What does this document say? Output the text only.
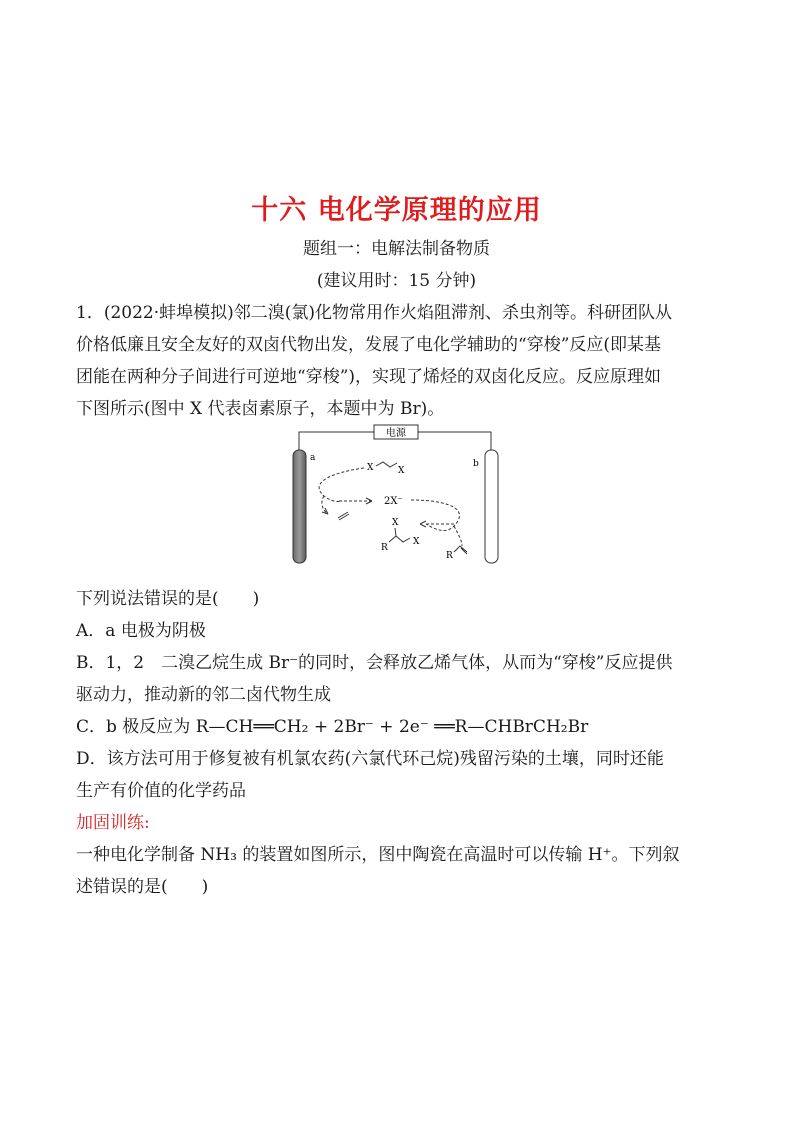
十六 电化学原理的应用
题组一：电解法制备物质
(建议用时：15 分钟)
1．(2022·蚌埠模拟)邻二溴(氯)化物常用作火焰阻滞剂、杀虫剂等。科研团队从
价格低廉且安全友好的双卤代物出发，发展了电化学辅助的“穿梭”反应(即某基
团能在两种分子间进行可逆地“穿梭”)，实现了烯烃的双卤化反应。反应原理如
下图所示(图中 X 代表卤素原子，本题中为 Br)。
电源
a
b
X	X
2X⁻
X
R
X
R
下列说法错误的是(　　)
A．a 电极为阴极
B．1，2　二溴乙烷生成 Br⁻的同时，会释放乙烯气体，从而为“穿梭”反应提供
驱动力，推动新的邻二卤代物生成
C．b 极反应为 R—CH══CH₂ + 2Br⁻ + 2e⁻ ══R—CHBrCH₂Br
D．该方法可用于修复被有机氯农药(六氯代环己烷)残留污染的土壤，同时还能
生产有价值的化学药品
加固训练:
一种电化学制备 NH₃ 的装置如图所示，图中陶瓷在高温时可以传输 H⁺。下列叙
述错误的是(　　)
